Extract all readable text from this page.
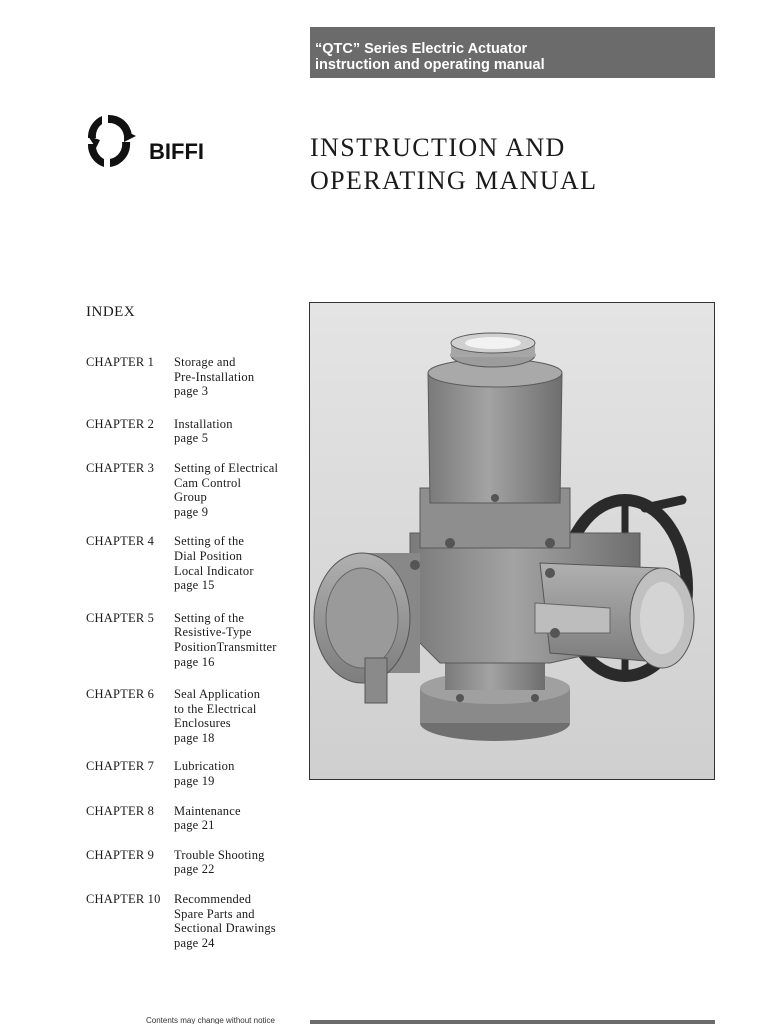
“QTC” Series Electric Actuator
instruction and operating manual
BIFFI	INSTRUCTION AND
OPERATING MANUAL
INDEX
CHAPTER 1	Storage and
Pre-Installation
page 3
CHAPTER 2	Installation
page 5
CHAPTER 3	Setting of Electrical
Cam Control
Group
page 9
CHAPTER 4	Setting of the
Dial Position
Local Indicator
page 15
CHAPTER 5	Setting of the
Resistive-Type
PositionTransmitter
page 16
CHAPTER 6	Seal Application
to the Electrical
Enclosures
page 18
CHAPTER 7	Lubrication
page 19
CHAPTER 8	Maintenance
page 21
CHAPTER 9	Trouble Shooting
page 22
CHAPTER 10	Recommended
Spare Parts and
Sectional Drawings
page 24
Contents may change without notice
